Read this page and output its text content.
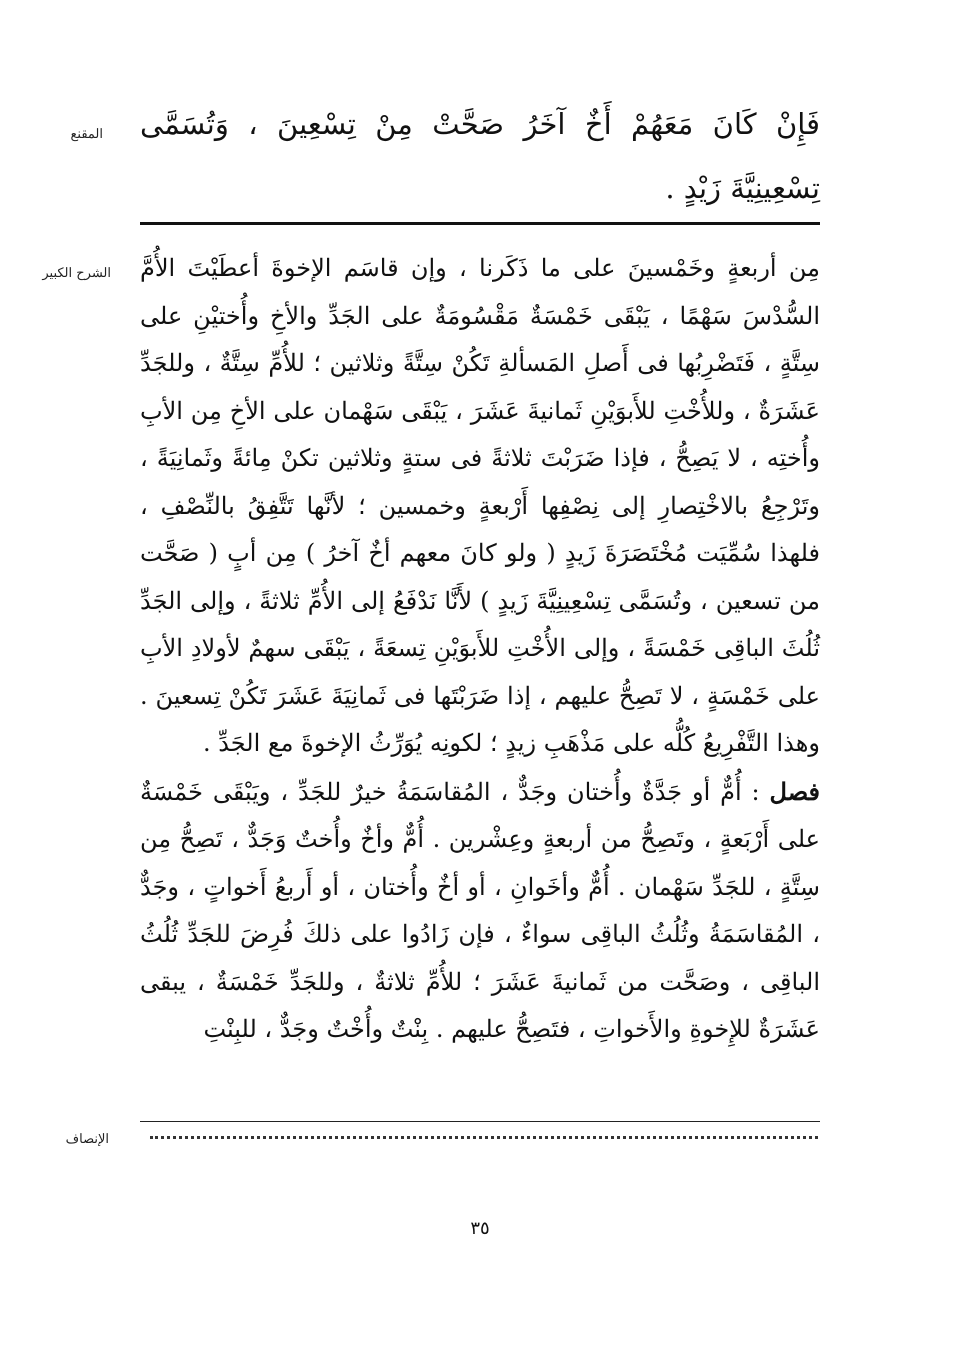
المقنع فَإِنْ كَانَ مَعَهُمْ أَخٌ آخَرُ صَحَّتْ مِنْ تِسْعِينَ ، وَتُسَمَّى تِسْعِينِيَّةَ زَيْدٍ .

الشرح الكبير مِن أربعةٍ وخَمْسينَ على ما ذَكَرنا ، وإن قاسَم الإخوةَ أعطَيْتَ الأُمَّ السُّدْسَ سَهْمًا ، يَبْقَى خَمْسَةٌ مَقْسُومَةٌ على الجَدِّ والأخِ وأُختيْنِ على سِتَّةٍ ، فَتَضْرِبُها فى أَصلِ المَسألةِ تَكُنْ سِتَّةً وثلاثين ؛ للأُمِّ سِتَّةٌ ، وللجَدِّ عَشَرَةٌ ، وللأُخْتِ للأَبوَيْنِ ثَمانيةَ عَشَرَ ، يَبْقَى سَهْمان على الأخِ مِن الأبِ وأُختِه ، لا يَصِحُّ ، فإذا ضَرَبْتَ ثلاثةً فى ستةٍ وثلاثين تكنْ مِائةً وثَمانِيَةً ، وتَرْجِعُ بالاخْتِصارِ إلى نِصْفِها أَرْبعةٍ وخمسين ؛ لأنَّها تَتَّفِقُ بالنِّصْفِ ، فلهذا سُمِّيَت مُخْتَصَرَةَ زَيدٍ ( ولو كانَ معهم أخٌ آخرُ ) مِن أبٍ ( صَحَّت من تسعين ، وتُسَمَّى تِسْعِينِيَّةَ زَيدٍ ) لأَنَّا نَدْفَعُ إلى الأُمِّ ثلاثةً ، وإلى الجَدِّ ثُلُثَ الباقِى خَمْسَةً ، وإلى الأُخْتِ للأَبوَيْنِ تِسعَةً ، يَبْقَى سهمٌ لأولادِ الأبِ على خَمْسَةٍ ، لا تَصِحُّ عليهم ، إذا ضَرَبْتَها فى ثَمانِيَةَ عَشَرَ تَكُنْ تِسعينَ . وهذا التَّفْرِيعُ كُلُّه على مَذْهَبِ زيدٍ ؛ لكونِه يُوَرِّثُ الإخوةَ مع الجَدِّ .

فصل : أُمٌّ أو جَدَّةٌ وأُختان وجَدٌّ ، المُقاسَمَةُ خيرٌ للجَدِّ ، ويَبْقَى خَمْسَةٌ على أَرْبَعةٍ ، وتَصِحُّ من أربعةٍ وعِشْرين . أُمٌّ وأخٌ وأُختٌ وَجَدٌّ ، تَصِحُّ مِن سِتَّةٍ ، للجَدِّ سَهْمان . أُمٌّ وأخَوانِ ، أو أخٌ وأُختان ، أو أَربعُ أَخواتٍ ، وجَدٌّ ، المُقاسَمَةُ وثُلُثُ الباقِى سواءٌ ، فإن زَادُوا على ذلكَ فُرِضَ للجَدِّ ثُلُثُ الباقِى ، وصَحَّت من ثَمانيةَ عَشَرَ ؛ للأُمِّ ثلاثةٌ ، وللجَدِّ خَمْسَةٌ ، يبقى عَشَرَةٌ للإِخوةِ والأَخواتِ ، فتَصِحُّ عليهم . بِنْتٌ وأُخْتٌ وجَدٌّ ، للبِنْتِ

الإنصاف
٣٥
